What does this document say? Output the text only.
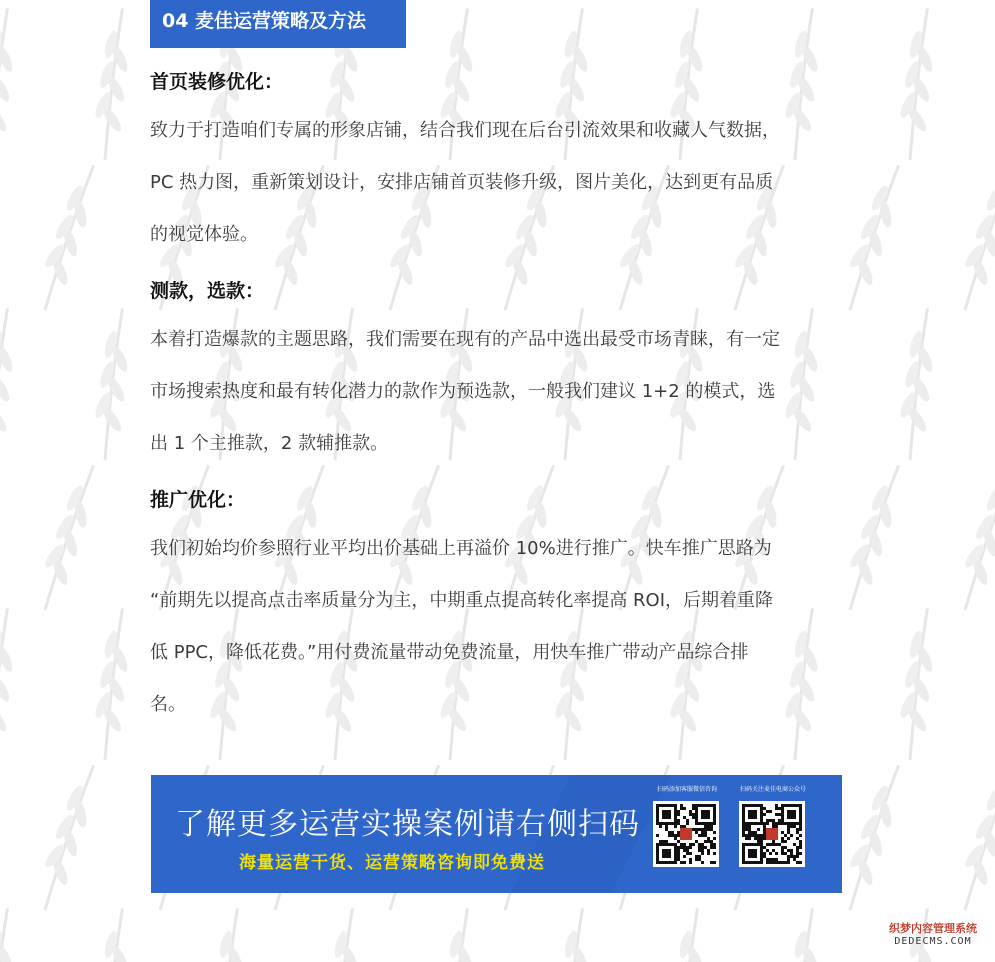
04 麦佳运营策略及方法
首页装修优化：
致力于打造咱们专属的形象店铺，结合我们现在后台引流效果和收藏人气数据，
PC 热力图，重新策划设计，安排店铺首页装修升级，图片美化，达到更有品质
的视觉体验。
测款，选款：
本着打造爆款的主题思路，我们需要在现有的产品中选出最受市场青睐，有一定
市场搜索热度和最有转化潜力的款作为预选款，一般我们建议 1+2 的模式，选
出 1 个主推款，2 款辅推款。
推广优化：
我们初始均价参照行业平均出价基础上再溢价 10%进行推广。快车推广思路为
“前期先以提高点击率质量分为主，中期重点提高转化率提高 ROI，后期着重降
低 PPC，降低花费。”用付费流量带动免费流量，用快车推广带动产品综合排
名。
了解更多运营实操案例请右侧扫码
海量运营干货、运营策略咨询即免费送
扫码添加客服微信咨询	扫码关注麦佳电商公众号
织梦内容管理系统
DEDECMS.COM
